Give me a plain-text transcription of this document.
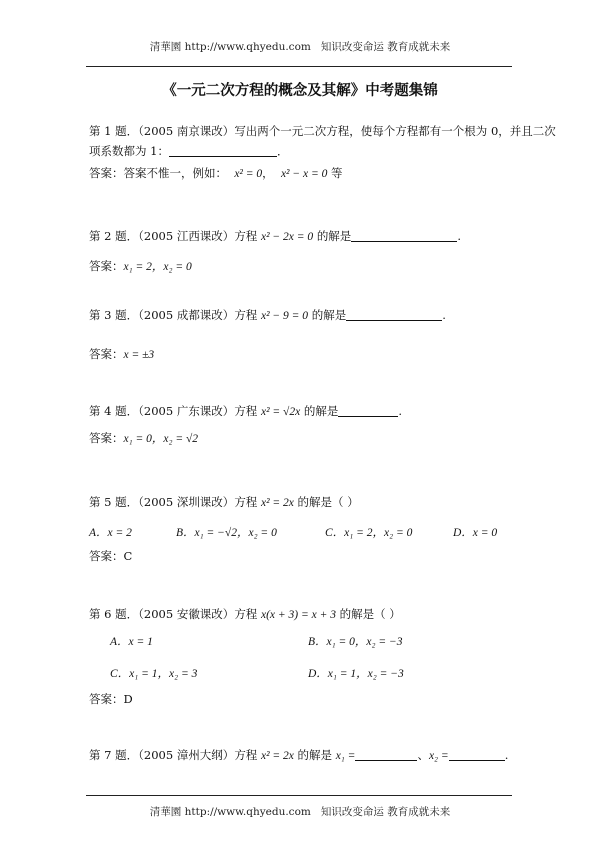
清華園 http://www.qhyedu.com 知识改变命运 教育成就未来
《一元二次方程的概念及其解》中考题集锦
第 1 题．（2005 南京课改）写出两个一元二次方程，使每个方程都有一个根为 0，并且二次
项系数都为 1：	．
答案：答案不惟一，例如： x² = 0，  x² − x = 0 等
第 2 题．（2005 江西课改）方程 x² − 2x = 0 的解是	.
答案：x₁ = 2，x₂ = 0
第 3 题．（2005 成都课改）方程 x² − 9 = 0 的解是	.
答案：x = ±3
第 4 题．（2005 广东课改）方程 x² = √2x 的解是	.
答案：x₁ = 0，x₂ = √2
第 5 题．（2005 深圳课改）方程 x² = 2x 的解是（ ）
A．x = 2	B．x₁ = −√2，x₂ = 0	C．x₁ = 2，x₂ = 0	D．x = 0
答案：C
第 6 题．（2005 安徽课改）方程 x(x + 3) = x + 3 的解是（ ）
A．x = 1	B．x₁ = 0，x₂ = −3
C．x₁ = 1，x₂ = 3	D．x₁ = 1，x₂ = −3
答案：D
第 7 题．（2005 漳州大纲）方程 x² = 2x 的解是 x₁ =	、x₂ =	.
清華園 http://www.qhyedu.com 知识改变命运 教育成就未来
